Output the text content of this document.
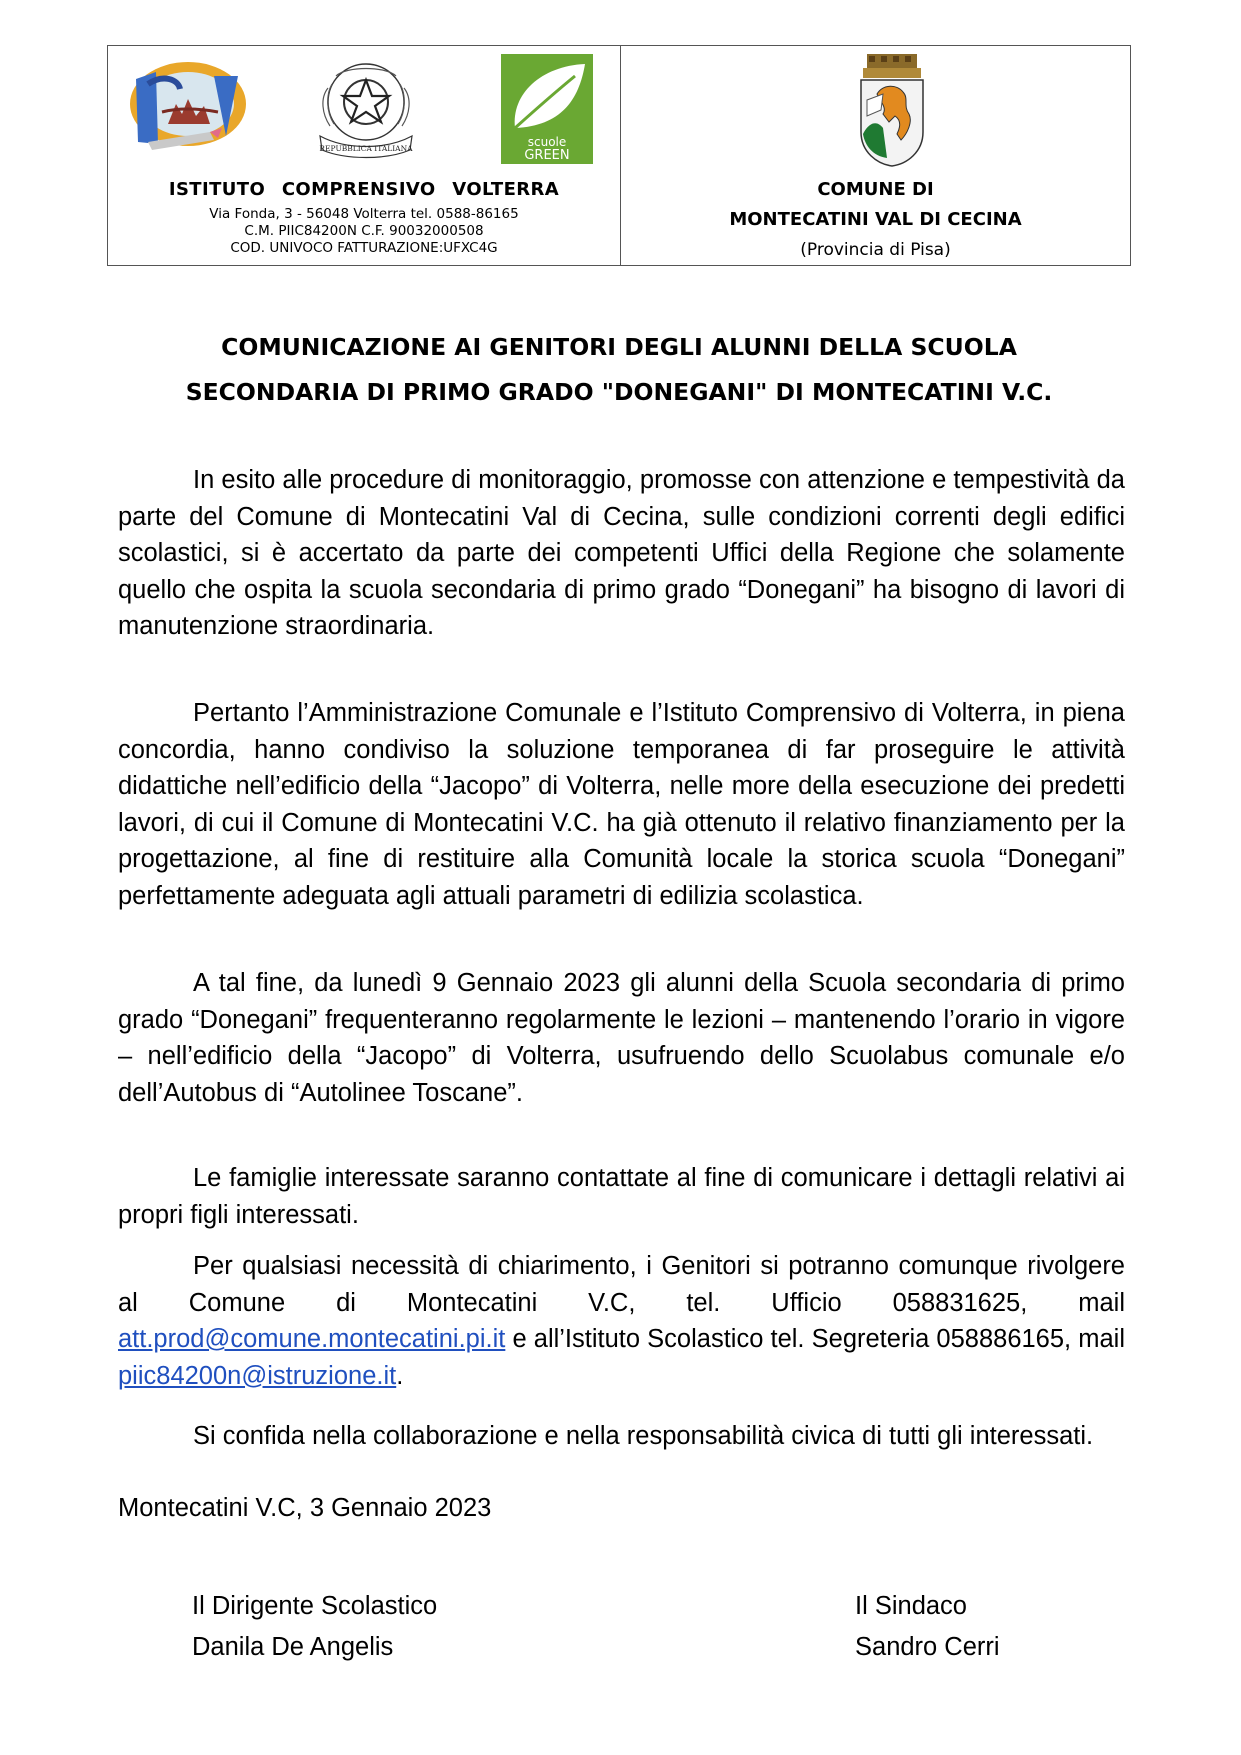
REPUBBLICA ITALIANA	scuole
GREEN
ISTITUTO COMPRENSIVO VOLTERRA
Via Fonda, 3 - 56048 Volterra tel. 0588-86165
C.M. PIIC84200N C.F. 90032000508
COD. UNIVOCO FATTURAZIONE:UFXC4G
COMUNE DI
MONTECATINI VAL DI CECINA
(Provincia di Pisa)
COMUNICAZIONE AI GENITORI DEGLI ALUNNI DELLA SCUOLA
SECONDARIA DI PRIMO GRADO "DONEGANI" DI MONTECATINI V.C.

In esito alle procedure di monitoraggio, promosse con attenzione e tempestività da parte del Comune di Montecatini Val di Cecina, sulle condizioni correnti degli edifici scolastici, si è accertato da parte dei competenti Uffici della Regione che solamente quello che ospita la scuola secondaria di primo grado “Donegani” ha bisogno di lavori di manutenzione straordinaria.

Pertanto l’Amministrazione Comunale e l’Istituto Comprensivo di Volterra, in piena concordia, hanno condiviso la soluzione temporanea di far proseguire le attività didattiche nell’edificio della “Jacopo” di Volterra, nelle more della esecuzione dei predetti lavori, di cui il Comune di Montecatini V.C. ha già ottenuto il relativo finanziamento per la progettazione, al fine di restituire alla Comunità locale la storica scuola “Donegani” perfettamente adeguata agli attuali parametri di edilizia scolastica.

A tal fine, da lunedì 9 Gennaio 2023 gli alunni della Scuola secondaria di primo grado “Donegani” frequenteranno regolarmente le lezioni – mantenendo l’orario in vigore – nell’edificio della “Jacopo” di Volterra, usufruendo dello Scuolabus comunale e/o dell’Autobus di “Autolinee Toscane”.

Le famiglie interessate saranno contattate al fine di comunicare i dettagli relativi ai propri figli interessati.

Per qualsiasi necessità di chiarimento, i Genitori si potranno comunque rivolgere al Comune di Montecatini V.C, tel. Ufficio 058831625, mail att.prod@comune.montecatini.pi.it e all’Istituto Scolastico tel. Segreteria 058886165, mail piic84200n@istruzione.it.

Si confida nella collaborazione e nella responsabilità civica di tutti gli interessati.

Montecatini V.C, 3 Gennaio 2023
Il Dirigente Scolastico
Danila De Angelis
Il Sindaco
Sandro Cerri
